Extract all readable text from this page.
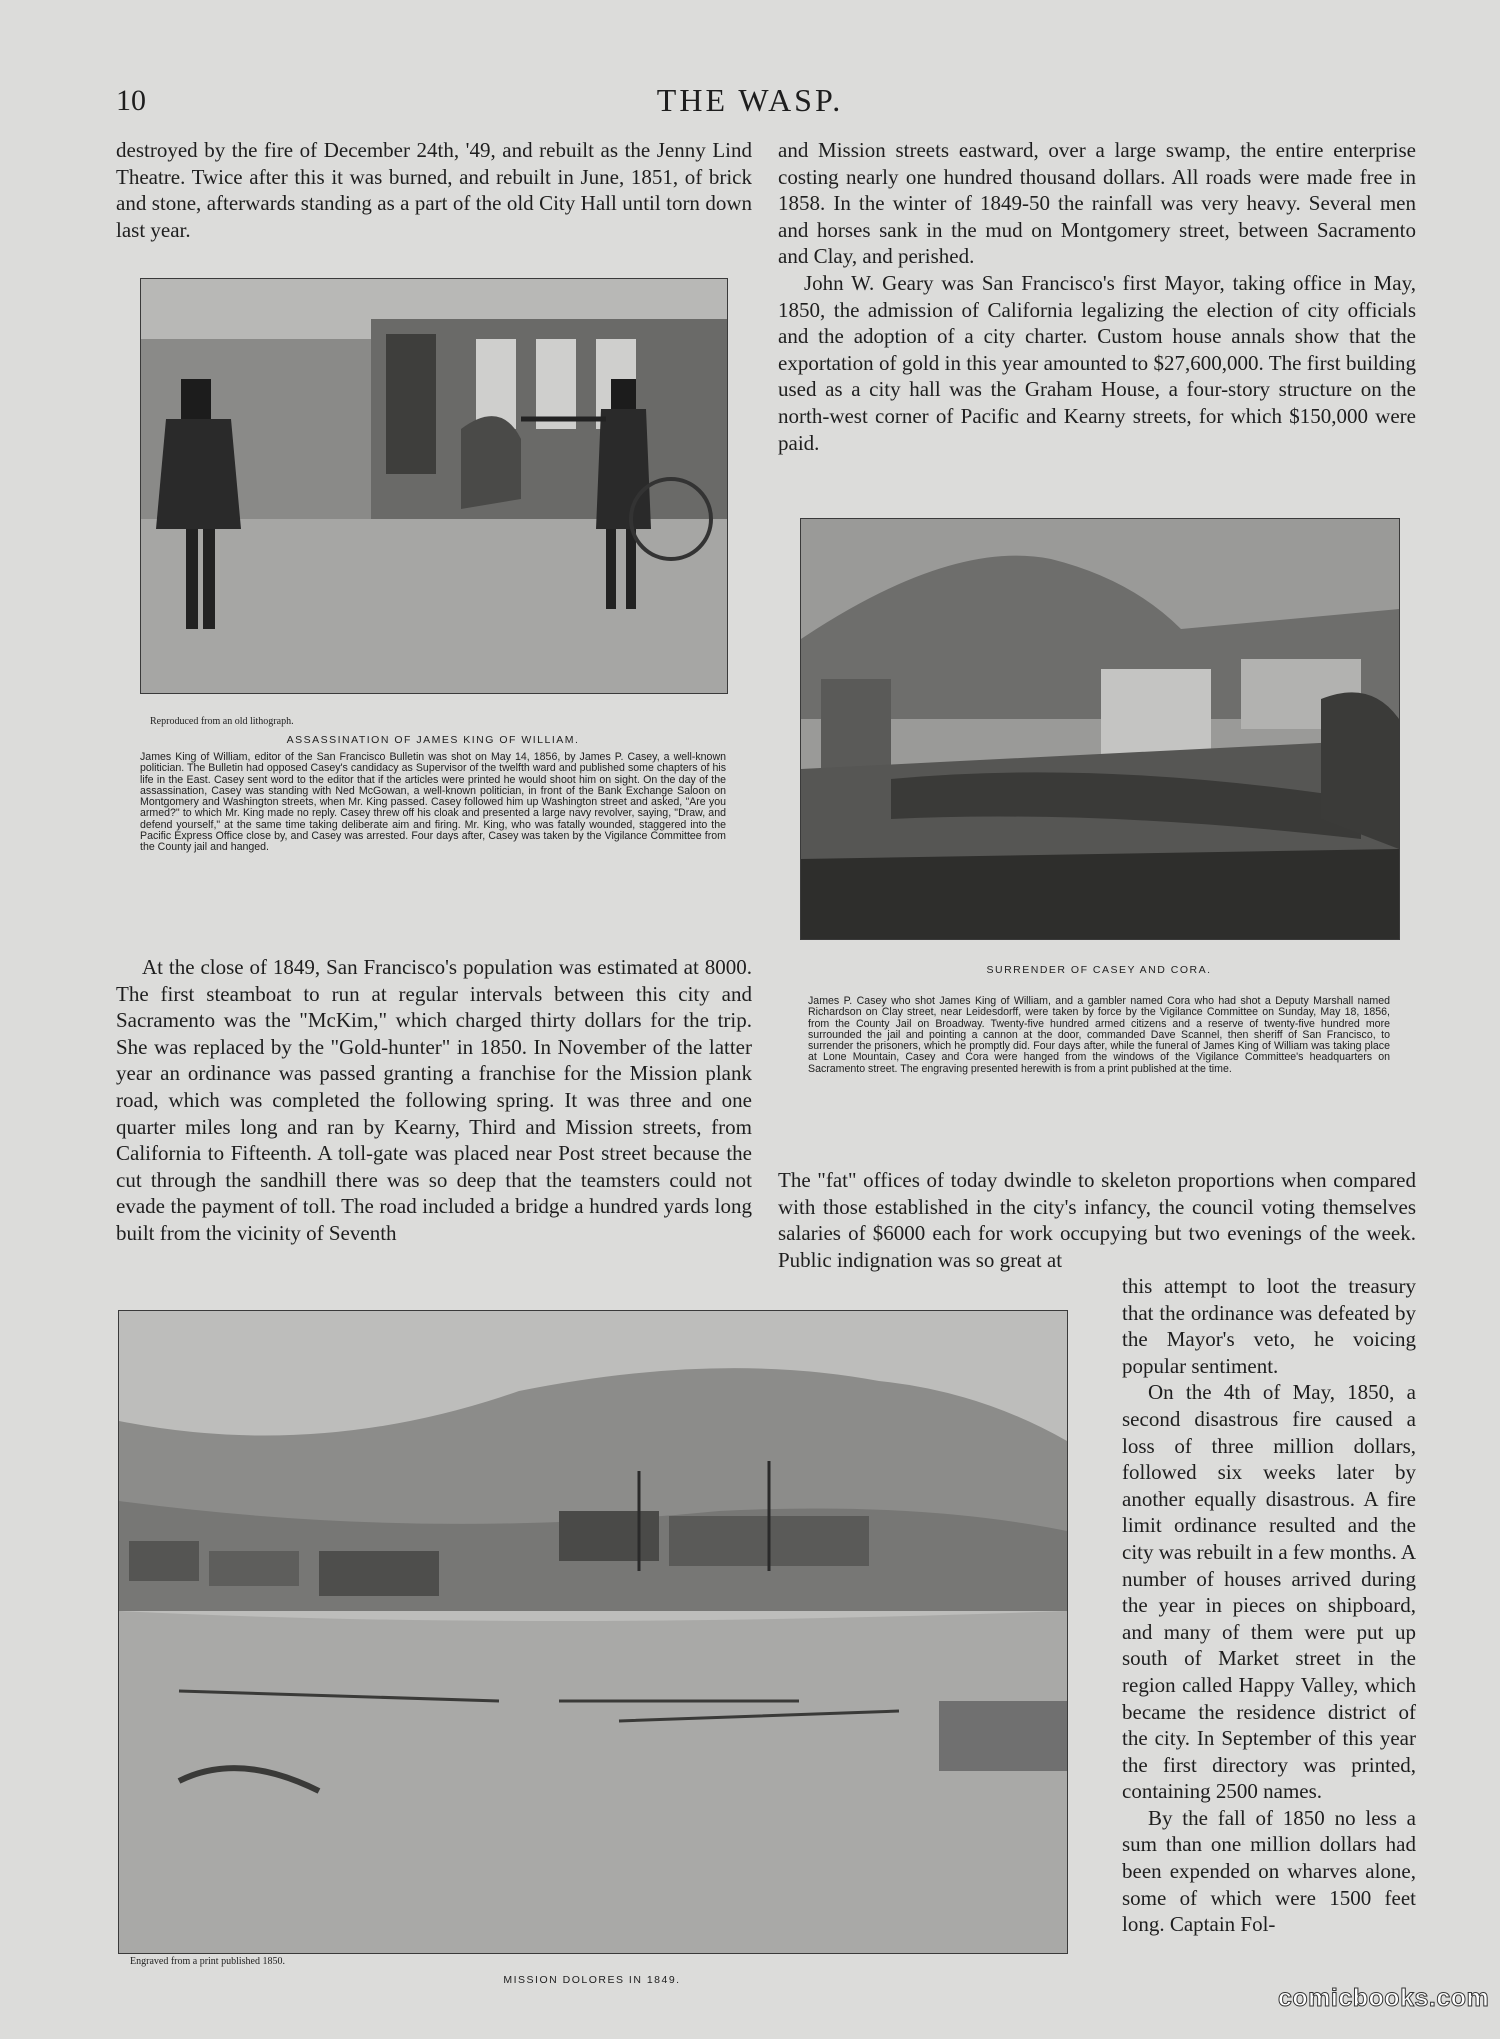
10	THE WASP.

destroyed by the fire of December 24th, '49, and rebuilt as the Jenny Lind Theatre. Twice after this it was burned, and rebuilt in June, 1851, of brick and stone, afterwards standing as a part of the old City Hall until torn down last year.

Reproduced from an old lithograph.
ASSASSINATION OF JAMES KING OF WILLIAM.
James King of William, editor of the San Francisco Bulletin was shot on May 14, 1856, by James P. Casey, a well-known politician. The Bulletin had opposed Casey's candidacy as Supervisor of the twelfth ward and published some chapters of his life in the East. Casey sent word to the editor that if the articles were printed he would shoot him on sight. On the day of the assassination, Casey was standing with Ned McGowan, a well-known politician, in front of the Bank Exchange Saloon on Montgomery and Washington streets, when Mr. King passed. Casey followed him up Washington street and asked, "Are you armed?" to which Mr. King made no reply. Casey threw off his cloak and presented a large navy revolver, saying, "Draw, and defend yourself," at the same time taking deliberate aim and firing. Mr. King, who was fatally wounded, staggered into the Pacific Express Office close by, and Casey was arrested. Four days after, Casey was taken by the Vigilance Committee from the County jail and hanged.

At the close of 1849, San Francisco's population was estimated at 8000. The first steamboat to run at regular intervals between this city and Sacramento was the "McKim," which charged thirty dollars for the trip. She was replaced by the "Gold-hunter" in 1850. In November of the latter year an ordinance was passed granting a franchise for the Mission plank road, which was completed the following spring. It was three and one quarter miles long and ran by Kearny, Third and Mission streets, from California to Fifteenth. A toll-gate was placed near Post street because the cut through the sandhill there was so deep that the teamsters could not evade the payment of toll. The road included a bridge a hundred yards long built from the vicinity of Seventh

and Mission streets eastward, over a large swamp, the entire enterprise costing nearly one hundred thousand dollars. All roads were made free in 1858. In the winter of 1849-50 the rainfall was very heavy. Several men and horses sank in the mud on Montgomery street, between Sacramento and Clay, and perished.

John W. Geary was San Francisco's first Mayor, taking office in May, 1850, the admission of California legalizing the election of city officials and the adoption of a city charter. Custom house annals show that the exportation of gold in this year amounted to $27,600,000. The first building used as a city hall was the Graham House, a four-story structure on the north-west corner of Pacific and Kearny streets, for which $150,000 were paid.

SURRENDER OF CASEY AND CORA.
James P. Casey who shot James King of William, and a gambler named Cora who had shot a Deputy Marshall named Richardson on Clay street, near Leidesdorff, were taken by force by the Vigilance Committee on Sunday, May 18, 1856, from the County Jail on Broadway. Twenty-five hundred armed citizens and a reserve of twenty-five hundred more surrounded the jail and pointing a cannon at the door, commanded Dave Scannel, then sheriff of San Francisco, to surrender the prisoners, which he promptly did. Four days after, while the funeral of James King of William was taking place at Lone Mountain, Casey and Cora were hanged from the windows of the Vigilance Committee's headquarters on Sacramento street. The engraving presented herewith is from a print published at the time.

The "fat" offices of today dwindle to skeleton proportions when compared with those established in the city's infancy, the council voting themselves salaries of $6000 each for work occupying but two evenings of the week. Public indignation was so great at

this attempt to loot the treasury that the ordinance was defeated by the Mayor's veto, he voicing popular sentiment.

On the 4th of May, 1850, a second disastrous fire caused a loss of three million dollars, followed six weeks later by another equally disastrous. A fire limit ordinance resulted and the city was rebuilt in a few months. A number of houses arrived during the year in pieces on shipboard, and many of them were put up south of Market street in the region called Happy Valley, which became the residence district of the city. In September of this year the first directory was printed, containing 2500 names.

By the fall of 1850 no less a sum than one million dollars had been expended on wharves alone, some of which were 1500 feet long. Captain Fol-

Engraved from a print published 1850.
MISSION DOLORES IN 1849.
comicbooks.com
